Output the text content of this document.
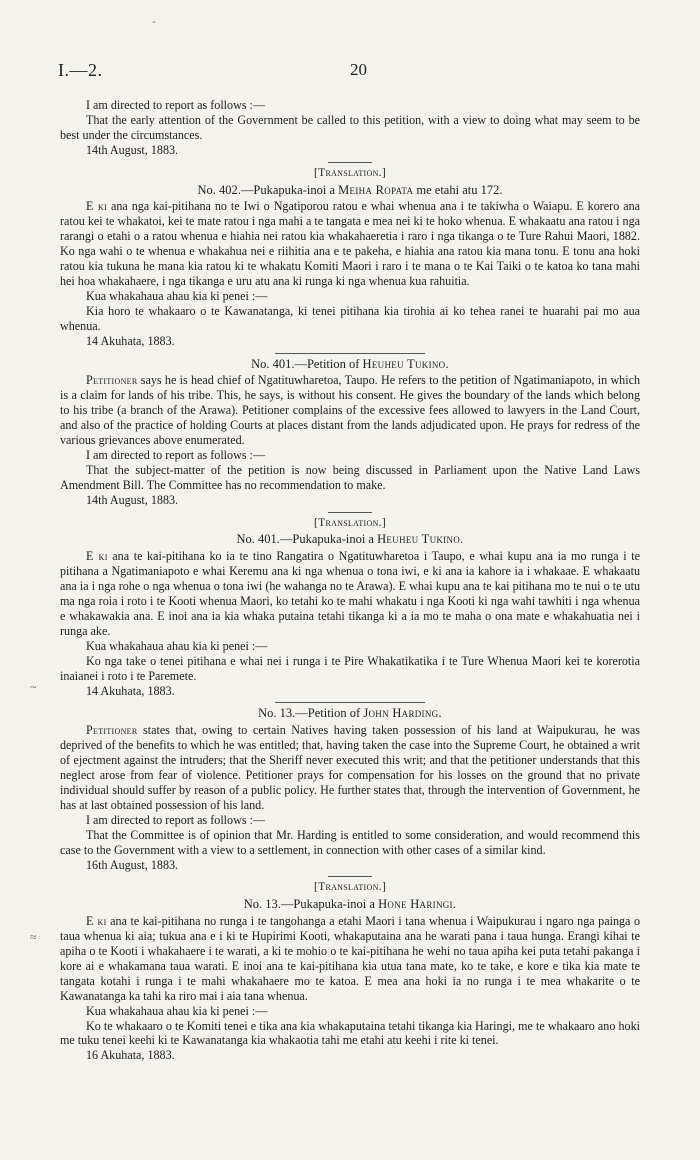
-
~
≈
I.—2.	20

I am directed to report as follows :—

That the early attention of the Government be called to this petition, with a view to doing what may seem to be best under the circumstances.

14th August, 1883.

[Translation.]

No. 402.—Pukapuka-inoi a Meiha Ropata me etahi atu 172.

E ki ana nga kai-pitihana no te Iwi o Ngatiporou ratou e whai whenua ana i te takiwha o Waiapu. E korero ana ratou kei te whakatoi, kei te mate ratou i nga mahi a te tangata e mea nei ki te hoko whenua. E whakaatu ana ratou i nga rarangi o etahi o a ratou whenua e hiahia nei ratou kia whakahaeretia i raro i nga tikanga o te Ture Rahui Maori, 1882. Ko nga wahi o te whenua e whakahua nei e riihitia ana e te pakeha, e hiahia ana ratou kia mana tonu. E tonu ana hoki ratou kia tukuna he mana kia ratou ki te whakatu Komiti Maori i raro i te mana o te Kai Taiki o te katoa ko tana mahi hei hoa whakahaere, i nga tikanga e uru atu ana ki runga ki nga whenua kua rahuitia.

Kua whakahaua ahau kia ki penei :—

Kia horo te whakaaro o te Kawanatanga, ki tenei pitihana kia tirohia ai ko tehea ranei te huarahi pai mo aua whenua.

14 Akuhata, 1883.

No. 401.—Petition of Heuheu Tukino.

Petitioner says he is head chief of Ngatituwharetoa, Taupo. He refers to the petition of Ngatimaniapoto, in which is a claim for lands of his tribe. This, he says, is without his consent. He gives the boundary of the lands which belong to his tribe (a branch of the Arawa). Petitioner complains of the excessive fees allowed to lawyers in the Land Court, and also of the practice of holding Courts at places distant from the lands adjudicated upon. He prays for redress of the various grievances above enumerated.

I am directed to report as follows :—

That the subject-matter of the petition is now being discussed in Parliament upon the Native Land Laws Amendment Bill. The Committee has no recommendation to make.

14th August, 1883.

[Translation.]

No. 401.—Pukapuka-inoi a Heuheu Tukino.

E ki ana te kai-pitihana ko ia te tino Rangatira o Ngatituwharetoa i Taupo, e whai kupu ana ia mo runga i te pitihana a Ngatimaniapoto e whai Keremu ana ki nga whenua o tona iwi, e ki ana ia kahore ia i whakaae. E whakaatu ana ia i nga rohe o nga whenua o tona iwi (he wahanga no te Arawa). E whai kupu ana te kai pitihana mo te nui o te utu ma nga roia i roto i te Kooti whenua Maori, ko tetahi ko te mahi whakatu i nga Kooti ki nga wahi tawhiti i nga whenua e whakawakia ana. E inoi ana ia kia whaka putaina tetahi tikanga ki a ia mo te maha o ona mate e whakahuatia nei i runga ake.

Kua whakahaua ahau kia ki penei :—

Ko nga take o tenei pitihana e whai nei i runga i te Pire Whakatikatika i te Ture Whenua Maori kei te korerotia inaianei i roto i te Paremete.

14 Akuhata, 1883.

No. 13.—Petition of John Harding.

Petitioner states that, owing to certain Natives having taken possession of his land at Waipukurau, he was deprived of the benefits to which he was entitled; that, having taken the case into the Supreme Court, he obtained a writ of ejectment against the intruders; that the Sheriff never executed this writ; and that the petitioner understands that this neglect arose from fear of violence. Petitioner prays for compensation for his losses on the ground that no private individual should suffer by reason of a public policy. He further states that, through the intervention of Government, he has at last obtained possession of his land.

I am directed to report as follows :—

That the Committee is of opinion that Mr. Harding is entitled to some consideration, and would recommend this case to the Government with a view to a settlement, in connection with other cases of a similar kind.

16th August, 1883.

[Translation.]

No. 13.—Pukapuka-inoi a Hone Haringi.

E ki ana te kai-pitihana no runga i te tangohanga a etahi Maori i tana whenua i Waipukurau i ngaro nga painga o taua whenua ki aia; tukua ana e i ki te Hupirimi Kooti, whakaputaina ana he warati pana i taua hunga. Erangi kihai te apiha o te Kooti i whakahaere i te warati, a ki te mohio o te kai-pitihana he wehi no taua apiha kei puta tetahi pakanga i kore ai e whakamana taua warati. E inoi ana te kai-pitihana kia utua tana mate, ko te take, e kore e tika kia mate te tangata kotahi i runga i te mahi whakahaere mo te katoa. E mea ana hoki ia no runga i te mea whakarite o te Kawanatanga ka tahi ka riro mai i aia tana whenua.

Kua whakahaua ahau kia ki penei :—

Ko te whakaaro o te Komiti tenei e tika ana kia whakaputaina tetahi tikanga kia Haringi, me te whakaaro ano hoki me tuku tenei keehi ki te Kawanatanga kia whakaotia tahi me etahi atu keehi i rite ki tenei.

16 Akuhata, 1883.
